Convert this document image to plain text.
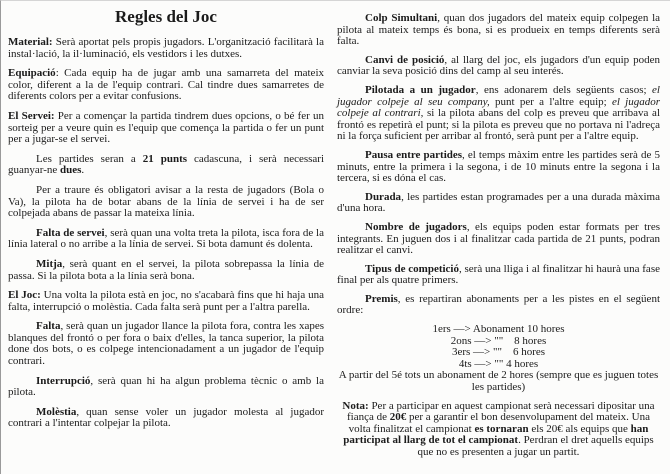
Regles del Joc

Material: Serà aportat pels propis jugadors. L'organització facilitarà la instal·lació, la il·luminació, els vestidors i les dutxes.

Equipació: Cada equip ha de jugar amb una samarreta del mateix color, diferent a la de l'equip contrari. Cal tindre dues samarretes de diferents colors per a evitar confusions.

El Servei: Per a començar la partida tindrem dues opcions, o bé fer un sorteig per a veure quin es l'equip que comença la partida o fer un punt per a jugar-se el servei.

Les partides seran a 21 punts cadascuna, i serà necessari guanyar-ne dues.

Per a traure és obligatori avisar a la resta de jugadors (Bola o Va), la pilota ha de botar abans de la línia de servei i ha de ser colpejada abans de passar la mateixa línia.

Falta de servei, serà quan una volta treta la pilota, isca fora de la línia lateral o no arribe a la línia de servei. Si bota damunt és dolenta.

Mitja, serà quant en el servei, la pilota sobrepassa la línia de passa. Si la pilota bota a la línia serà bona.

El Joc: Una volta la pilota està en joc, no s'acabarà fins que hi haja una falta, interrupció o molèstia. Cada falta serà punt per a l'altra parella.

Falta, serà quan un jugador llance la pilota fora, contra les xapes blanques del frontó o per fora o baix d'elles, la tanca superior, la pilota done dos bots, o es colpege intencionadament a un jugador de l'equip contrari.

Interrupció, serà quan hi ha algun problema tècnic o amb la pilota.

Molèstia, quan sense voler un jugador molesta al jugador contrari a l'intentar colpejar la pilota.

Colp Simultani, quan dos jugadors del mateix equip colpegen la pilota al mateix temps és bona, si es produeix en temps diferents serà falta.

Canvi de posició, al llarg del joc, els jugadors d'un equip poden canviar la seva posició dins del camp al seu interés.

Pilotada a un jugador, ens adonarem dels següents casos; el jugador colpeje al seu company, punt per a l'altre equip; el jugador colpeje al contrari, si la pilota abans del colp es preveu que arribava al frontó es repetirà el punt; si la pilota es preveu que no portava ni l'adreça ni la força suficient per arribar al frontó, serà punt per a l'altre equip.

Pausa entre partides, el temps màxim entre les partides serà de 5 minuts, entre la primera i la segona, i de 10 minuts entre la segona i la tercera, si es dóna el cas.

Durada, les partides estan programades per a una durada màxima d'una hora.

Nombre de jugadors, els equips poden estar formats per tres integrants. En juguen dos i al finalitzar cada partida de 21 punts, podran realitzar el canvi.

Tipus de competició, serà una lliga i al finalitzar hi haurà una fase final per als quatre primers.

Premis, es repartiran abonaments per a les pistes en el següent ordre:

1ers —> Abonament 10 hores
2ons —> ""    8 hores
3ers —> ""    6 hores
4ts —> "" 4 hores
A partir del 5é tots un abonament de 2 hores (sempre que es juguen totes les partides)

Nota: Per a participar en aquest campionat serà necessari dipositar una fiança de 20€ per a garantir el bon desenvolupament del mateix. Una volta finalitzat el campionat es tornaran els 20€ als equips que han participat al llarg de tot el campionat. Perdran el dret aquells equips que no es presenten a jugar un partit.
